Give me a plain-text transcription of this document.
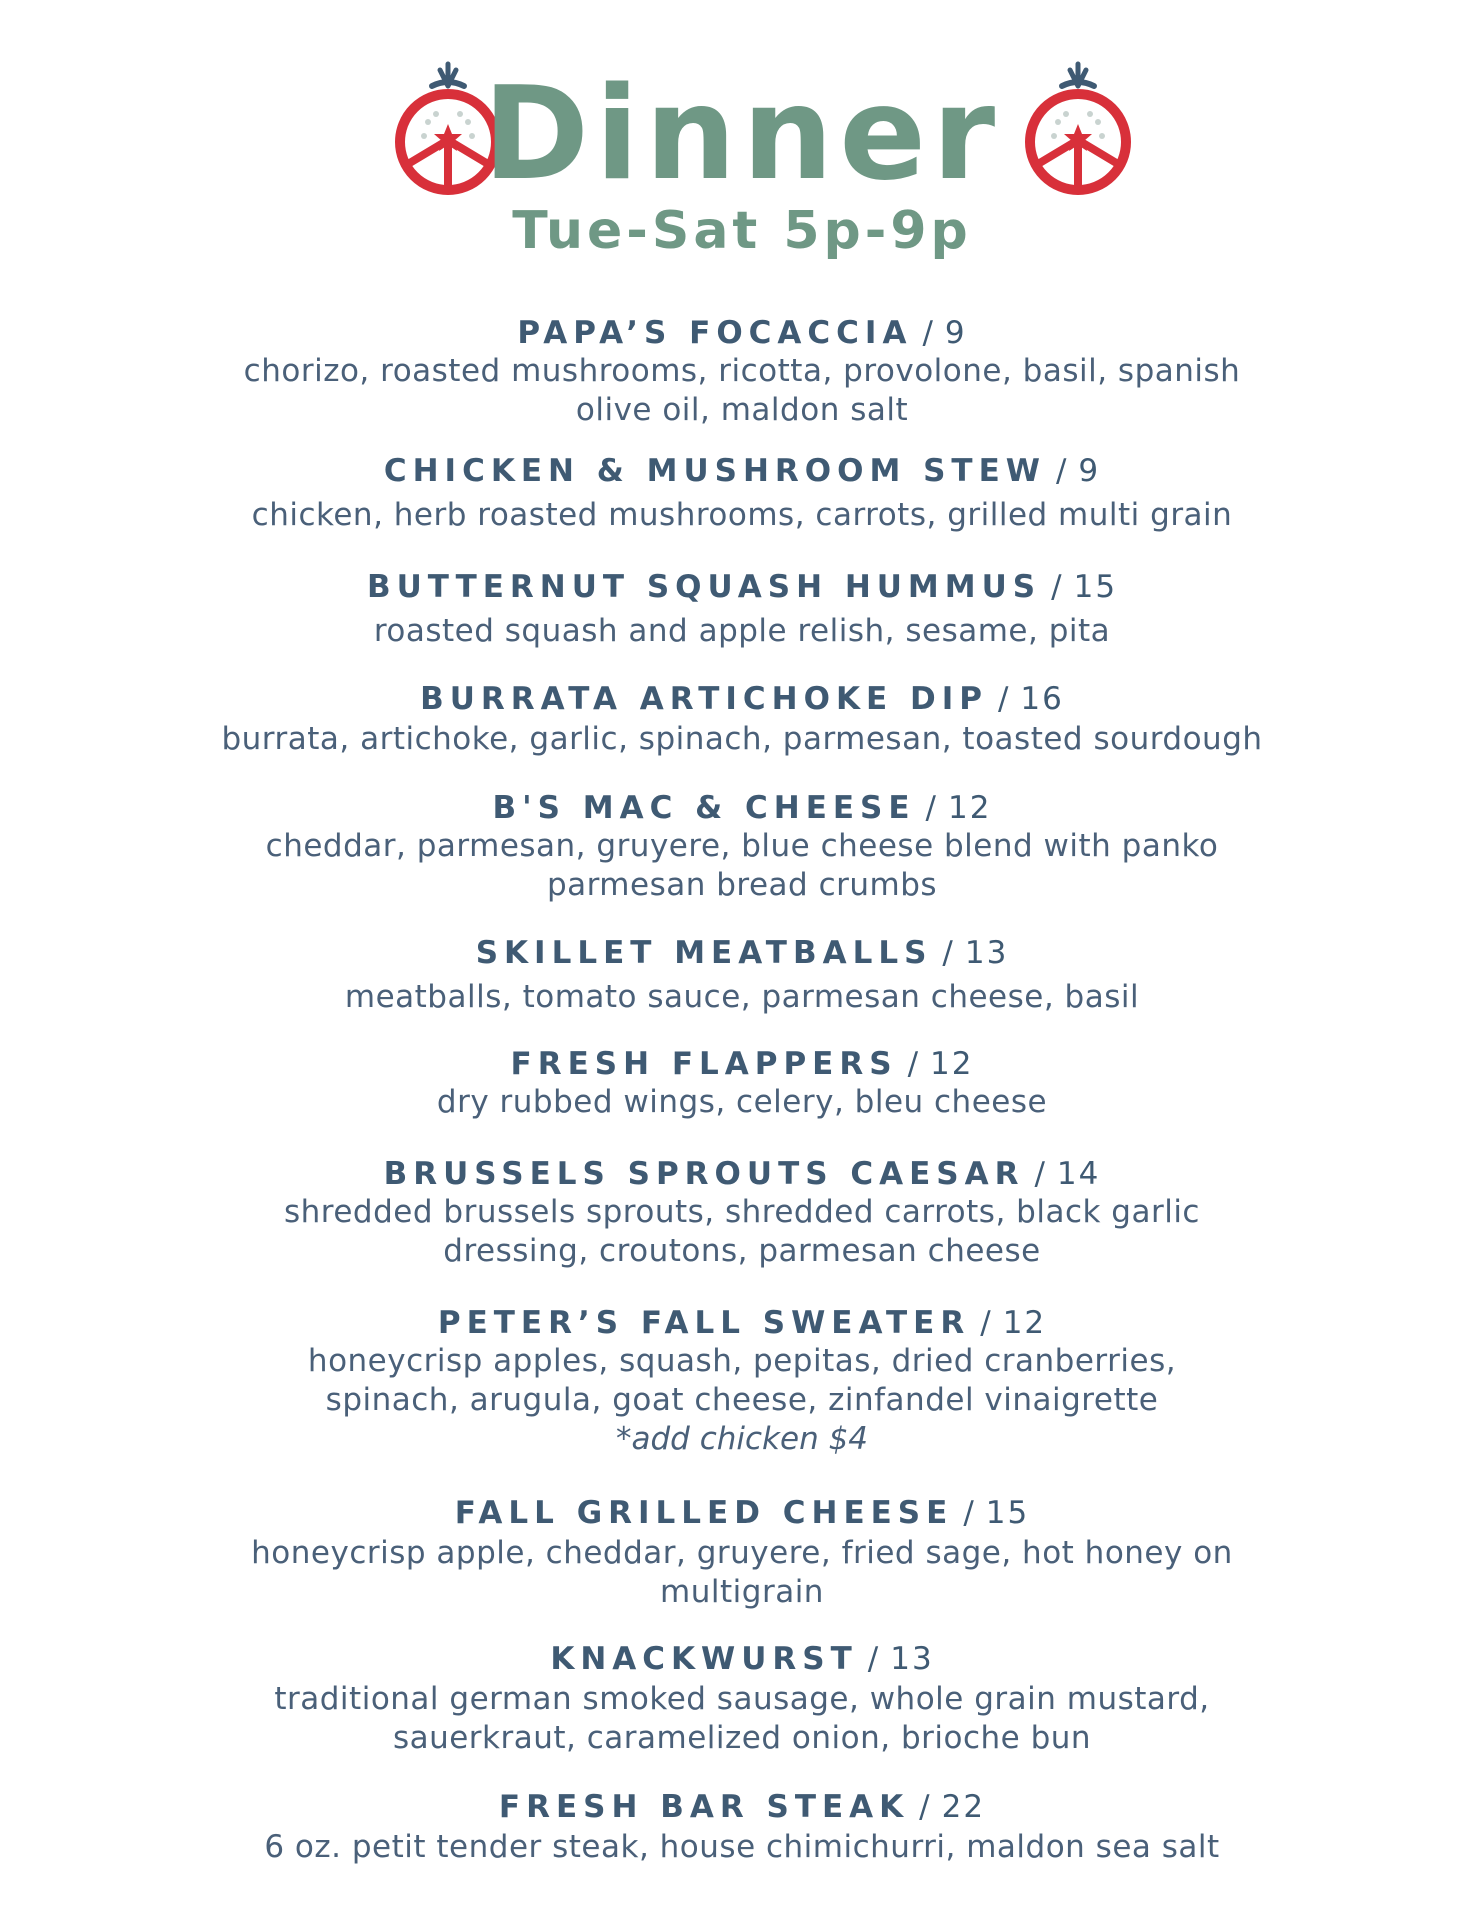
Dinner
Tue-Sat 5p-9p
PAPA’S FOCACCIA / 9
chorizo, roasted mushrooms, ricotta, provolone, basil, spanish
olive oil, maldon salt
CHICKEN & MUSHROOM STEW / 9
chicken, herb roasted mushrooms, carrots, grilled multi grain
BUTTERNUT SQUASH HUMMUS / 15
roasted squash and apple relish, sesame, pita
BURRATA ARTICHOKE DIP / 16
burrata, artichoke, garlic, spinach, parmesan, toasted sourdough
B'S MAC & CHEESE / 12
cheddar, parmesan, gruyere, blue cheese blend with panko
parmesan bread crumbs
SKILLET MEATBALLS / 13
meatballs, tomato sauce, parmesan cheese, basil
FRESH FLAPPERS / 12
dry rubbed wings, celery, bleu cheese
BRUSSELS SPROUTS CAESAR / 14
shredded brussels sprouts, shredded carrots, black garlic
dressing, croutons, parmesan cheese
PETER’S FALL SWEATER / 12
honeycrisp apples, squash, pepitas, dried cranberries,
spinach, arugula, goat cheese, zinfandel vinaigrette
*add chicken $4
FALL GRILLED CHEESE / 15
honeycrisp apple, cheddar, gruyere, fried sage, hot honey on
multigrain
KNACKWURST / 13
traditional german smoked sausage, whole grain mustard,
sauerkraut, caramelized onion, brioche bun
FRESH BAR STEAK / 22
6 oz. petit tender steak, house chimichurri, maldon sea salt
